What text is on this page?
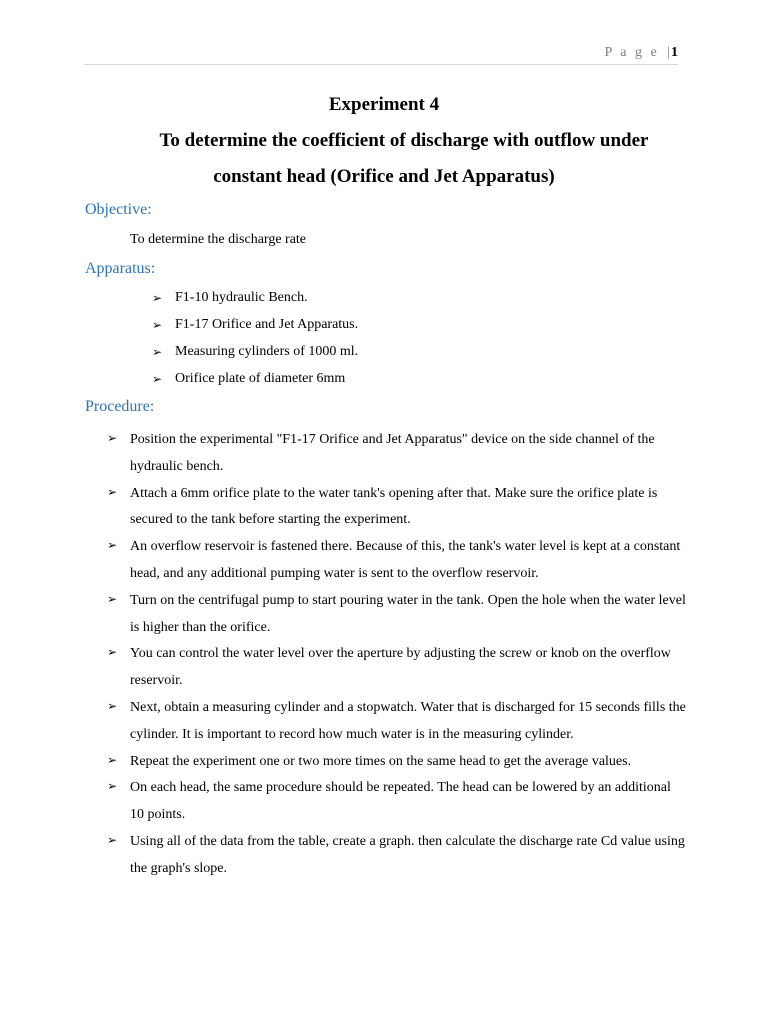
P a g e |1
Experiment 4
To determine the coefficient of discharge with outflow under
constant head (Orifice and Jet Apparatus)
Objective:
To determine the discharge rate
Apparatus:
➢ F1-10 hydraulic Bench.
➢ F1-17 Orifice and Jet Apparatus.
➢ Measuring cylinders of 1000 ml.
➢ Orifice plate of diameter 6mm
Procedure:
➢ Position the experimental "F1-17 Orifice and Jet Apparatus" device on the side channel of the hydraulic bench.
➢ Attach a 6mm orifice plate to the water tank's opening after that. Make sure the orifice plate is secured to the tank before starting the experiment.
➢ An overflow reservoir is fastened there. Because of this, the tank's water level is kept at a constant head, and any additional pumping water is sent to the overflow reservoir.
➢ Turn on the centrifugal pump to start pouring water in the tank. Open the hole when the water level is higher than the orifice.
➢ You can control the water level over the aperture by adjusting the screw or knob on the overflow reservoir.
➢ Next, obtain a measuring cylinder and a stopwatch. Water that is discharged for 15 seconds fills the cylinder. It is important to record how much water is in the measuring cylinder.
➢ Repeat the experiment one or two more times on the same head to get the average values.
➢ On each head, the same procedure should be repeated. The head can be lowered by an additional 10 points.
➢ Using all of the data from the table, create a graph. then calculate the discharge rate Cd value using the graph's slope.
